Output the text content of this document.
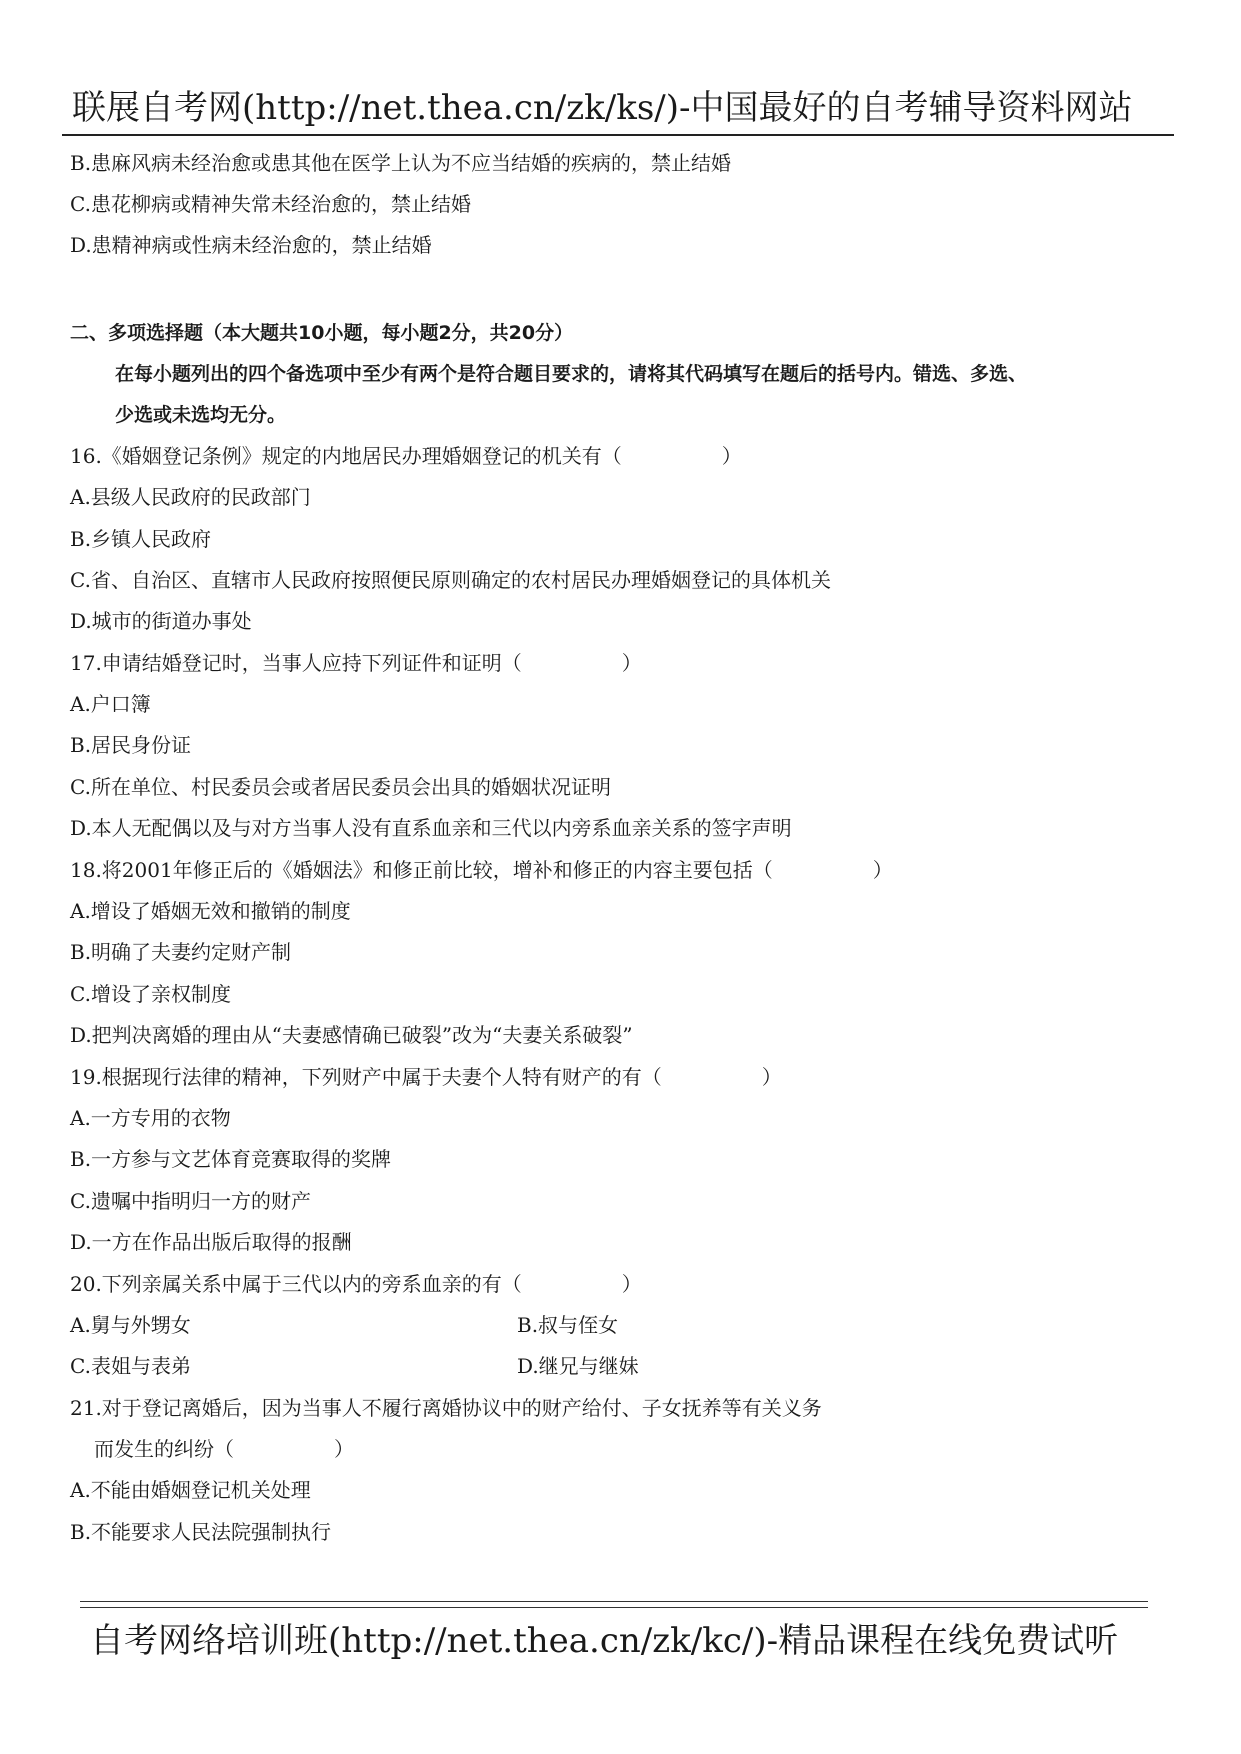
联展自考网(http://net.thea.cn/zk/ks/)-中国最好的自考辅导资料网站
B.患麻风病未经治愈或患其他在医学上认为不应当结婚的疾病的，禁止结婚
C.患花柳病或精神失常未经治愈的，禁止结婚
D.患精神病或性病未经治愈的，禁止结婚
二、多项选择题（本大题共10小题，每小题2分，共20分）
在每小题列出的四个备选项中至少有两个是符合题目要求的，请将其代码填写在题后的括号内。错选、多选、
少选或未选均无分。
16.《婚姻登记条例》规定的内地居民办理婚姻登记的机关有（　　　　　）
A.县级人民政府的民政部门
B.乡镇人民政府
C.省、自治区、直辖市人民政府按照便民原则确定的农村居民办理婚姻登记的具体机关
D.城市的街道办事处
17.申请结婚登记时，当事人应持下列证件和证明（　　　　　）
A.户口簿
B.居民身份证
C.所在单位、村民委员会或者居民委员会出具的婚姻状况证明
D.本人无配偶以及与对方当事人没有直系血亲和三代以内旁系血亲关系的签字声明
18.将2001年修正后的《婚姻法》和修正前比较，增补和修正的内容主要包括（　　　　　）
A.增设了婚姻无效和撤销的制度
B.明确了夫妻约定财产制
C.增设了亲权制度
D.把判决离婚的理由从“夫妻感情确已破裂”改为“夫妻关系破裂”
19.根据现行法律的精神，下列财产中属于夫妻个人特有财产的有（　　　　　）
A.一方专用的衣物
B.一方参与文艺体育竞赛取得的奖牌
C.遗嘱中指明归一方的财产
D.一方在作品出版后取得的报酬
20.下列亲属关系中属于三代以内的旁系血亲的有（　　　　　）
A.舅与外甥女	B.叔与侄女
C.表姐与表弟	D.继兄与继妹
21.对于登记离婚后，因为当事人不履行离婚协议中的财产给付、子女抚养等有关义务
而发生的纠纷（　　　　　）
A.不能由婚姻登记机关处理
B.不能要求人民法院强制执行
自考网络培训班(http://net.thea.cn/zk/kc/)-精品课程在线免费试听
